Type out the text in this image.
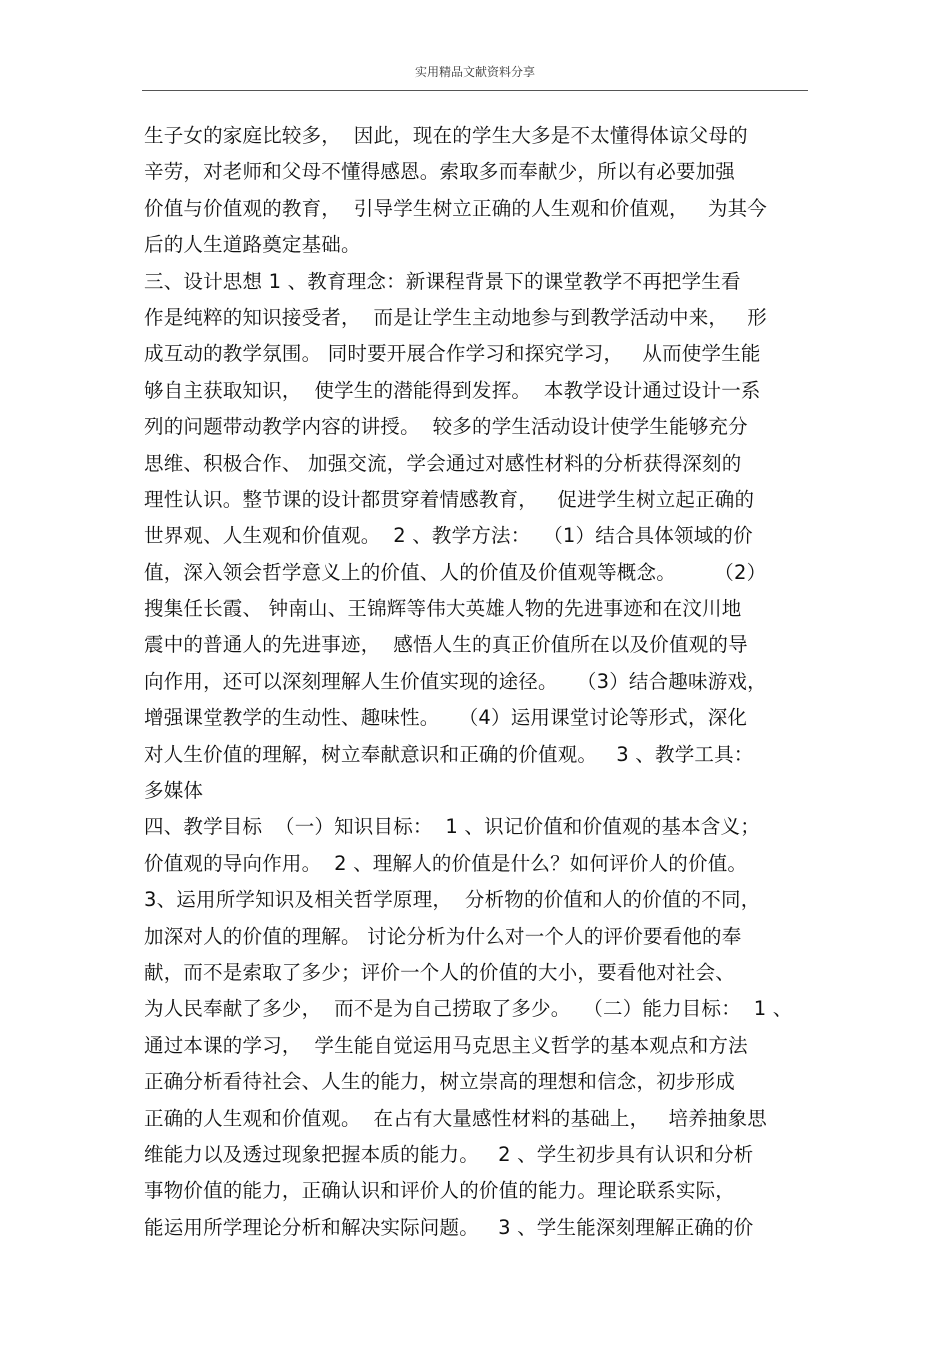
实用精品文献资料分享
生子女的家庭比较多，  因此，现在的学生大多是不太懂得体谅父母的
辛劳，对老师和父母不懂得感恩。索取多而奉献少，所以有必要加强
价值与价值观的教育，  引导学生树立正确的人生观和价值观，   为其今
后的人生道路奠定基础。
三、设计思想 1 、教育理念：新课程背景下的课堂教学不再把学生看
作是纯粹的知识接受者，  而是让学生主动地参与到教学活动中来，   形
成互动的教学氛围。 同时要开展合作学习和探究学习，   从而使学生能
够自主获取知识，  使学生的潜能得到发挥。  本教学设计通过设计一系
列的问题带动教学内容的讲授。  较多的学生活动设计使学生能够充分
思维、积极合作、 加强交流，学会通过对感性材料的分析获得深刻的
理性认识。整节课的设计都贯穿着情感教育，   促进学生树立起正确的
世界观、人生观和价值观。  2 、教学方法：  （1）结合具体领域的价
值，深入领会哲学意义上的价值、人的价值及价值观等概念。      （2）
搜集任长霞、 钟南山、王锦辉等伟大英雄人物的先进事迹和在汶川地
震中的普通人的先进事迹，  感悟人生的真正价值所在以及价值观的导
向作用，还可以深刻理解人生价值实现的途径。   （3）结合趣味游戏，
增强课堂教学的生动性、趣味性。   （4）运用课堂讨论等形式，深化
对人生价值的理解，树立奉献意识和正确的价值观。   3 、教学工具：
多媒体
四、教学目标  （一）知识目标：  1 、识记价值和价值观的基本含义；
价值观的导向作用。  2 、理解人的价值是什么？如何评价人的价值。
3、运用所学知识及相关哲学原理，  分析物的价值和人的价值的不同，
加深对人的价值的理解。 讨论分析为什么对一个人的评价要看他的奉
献，而不是索取了多少；评价一个人的价值的大小，要看他对社会、
为人民奉献了多少，  而不是为自己捞取了多少。  （二）能力目标：  1 、
通过本课的学习，  学生能自觉运用马克思主义哲学的基本观点和方法
正确分析看待社会、人生的能力，树立崇高的理想和信念，初步形成
正确的人生观和价值观。  在占有大量感性材料的基础上，   培养抽象思
维能力以及透过现象把握本质的能力。   2 、学生初步具有认识和分析
事物价值的能力，正确认识和评价人的价值的能力。理论联系实际，
能运用所学理论分析和解决实际问题。   3 、学生能深刻理解正确的价
